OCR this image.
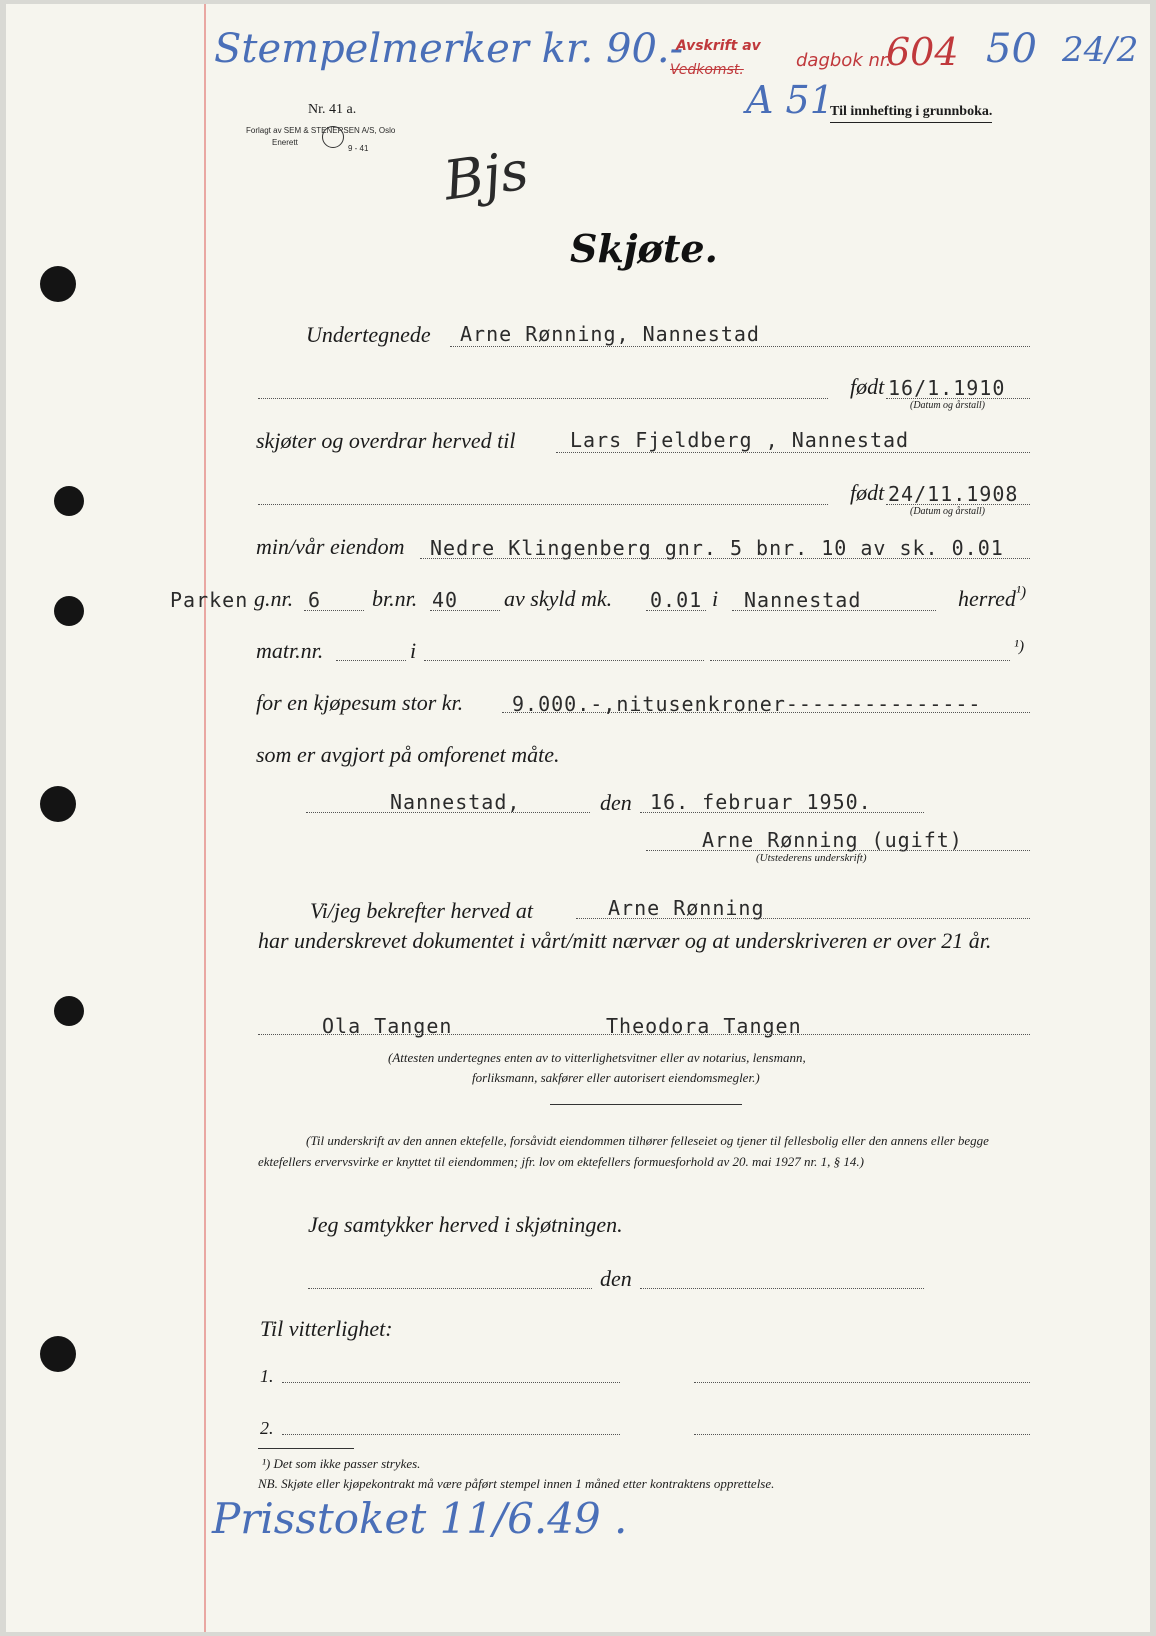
Stempelmerker kr. 90.-
Avskrift av
Vedkomst.	dagbok nr.
604 50 24/2
A 51
Bjs
Nr. 41 a.
Forlagt av SEM & STENERSEN A/S, Oslo
Enerett
9 - 41
Til innhefting i grunnboka.
Skjøte.
Undertegnede Arne Rønning, Nannestad
født 16/1.1910
(Datum og årstall)
skjøter og overdrar herved til	Lars Fjeldberg , Nannestad
født 24/11.1908
(Datum og årstall)
min/vår eiendom Nedre Klingenberg gnr. 5 bnr. 10 av sk. 0.01
Parken g.nr. 6 br.nr. 40 av skyld mk. 0.01 i Nannestad	herred ¹)
matr.nr.	i	¹)
for en kjøpesum stor kr. 9.000.-,nitusenkroner---------------
som er avgjort på omforenet måte.
Nannestad,	den 16. februar 1950.
Arne Rønning (ugift)
(Utstederens underskrift)
Vi/jeg bekrefter herved at	Arne Rønning
har underskrevet dokumentet i vårt/mitt nærvær og at underskriveren er over 21 år.
Ola Tangen	Theodora Tangen
(Attesten undertegnes enten av to vitterlighetsvitner eller av notarius, lensmann,
forliksmann, sakfører eller autorisert eiendomsmegler.)
(Til underskrift av den annen ektefelle, forsåvidt eiendommen tilhører felleseiet og tjener til fellesbolig eller den annens eller begge ektefellers ervervsvirke er knyttet til eiendommen; jfr. lov om ektefellers formuesforhold av 20. mai 1927 nr. 1, § 14.)
Jeg samtykker herved i skjøtningen.
den
Til vitterlighet:
1.
2.
¹) Det som ikke passer strykes.
NB. Skjøte eller kjøpekontrakt må være påført stempel innen 1 måned etter kontraktens opprettelse.
Prisstoket 11/6.49 .
